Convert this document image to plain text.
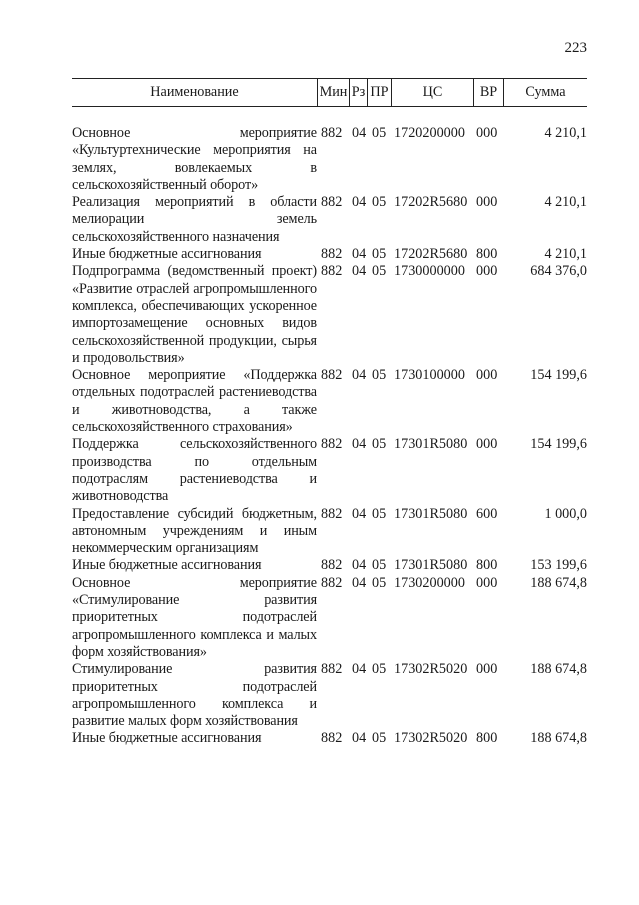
223
Наименование	Мин Рз ПР	ЦС	ВР	Сумма
Основное мероприятие «Культуртехнические мероприятия на землях, вовлекаемых в сельскохозяйственный оборот»
882 04 05 1720200000 000	4 210,1
Реализация мероприятий в области мелиорации земель сельскохозяйственного назначения
882 04 05 17202R5680 000	4 210,1
Иные бюджетные ассигнования	882 04 05 17202R5680 800	4 210,1
Подпрограмма (ведомственный проект) «Развитие отраслей агропромышленного комплекса, обеспечивающих ускоренное импортозамещение основных видов сельскохозяйственной продукции, сырья и продовольствия»
882 04 05 1730000000 000	684 376,0
Основное мероприятие «Поддержка отдельных подотраслей растениеводства и животноводства, а также сельскохозяйственного страхования»
882 04 05 1730100000 000	154 199,6
Поддержка сельскохозяйственного производства по отдельным подотраслям растениеводства и животноводства
882 04 05 17301R5080 000	154 199,6
Предоставление субсидий бюджетным, автономным учреждениям и иным некоммерческим организациям
882 04 05 17301R5080 600	1 000,0
Иные бюджетные ассигнования	882 04 05 17301R5080 800	153 199,6
Основное мероприятие «Стимулирование развития приоритетных подотраслей агропромышленного комплекса и малых форм хозяйствования»
882 04 05 1730200000 000	188 674,8
Стимулирование развития приоритетных подотраслей агропромышленного комплекса и развитие малых форм хозяйствования
882 04 05 17302R5020 000	188 674,8
Иные бюджетные ассигнования	882 04 05 17302R5020 800	188 674,8
